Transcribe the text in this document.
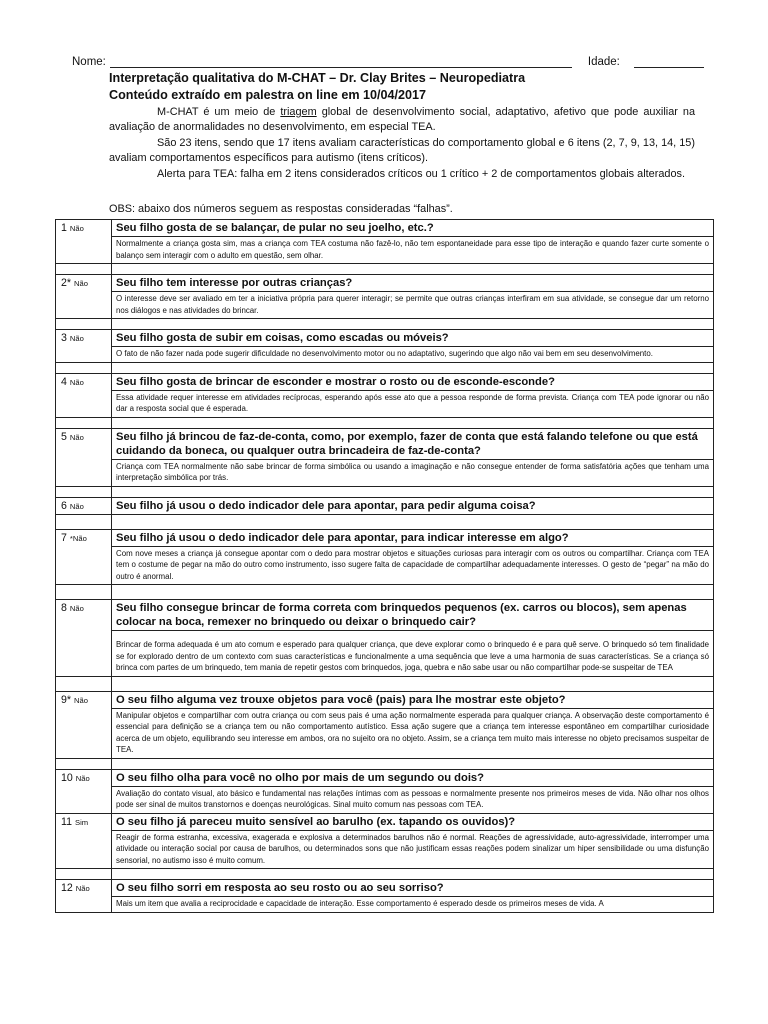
Nome:	Idade:
Interpretação qualitativa do M-CHAT – Dr. Clay Brites – Neuropediatra
Conteúdo extraído em palestra on line em 10/04/2017

M-CHAT é um meio de triagem global de desenvolvimento social, adaptativo, afetivo que pode auxiliar na avaliação de anormalidades no desenvolvimento, em especial TEA.

São 23 itens, sendo que 17 itens avaliam características do comportamento global e 6 itens (2, 7, 9, 13, 14, 15) avaliam comportamentos específicos para autismo (itens críticos).

Alerta para TEA: falha em 2 itens considerados críticos ou 1 crítico + 2 de comportamentos globais alterados.

OBS: abaixo dos números seguem as respostas consideradas “falhas”.
1 Não	Seu filho gosta de se balançar, de pular no seu joelho, etc.?
	Normalmente a criança gosta sim, mas a criança com TEA costuma não fazê-lo, não tem espontaneidade para esse tipo de interação e quando fazer curte somente o balanço sem interagir com o adulto em questão, sem olhar.

2* Não	Seu filho tem interesse por outras crianças?
	O interesse deve ser avaliado em ter a iniciativa própria para querer interagir; se permite que outras crianças interfiram em sua atividade, se consegue dar um retorno nos diálogos e nas atividades do brincar.

3 Não	Seu filho gosta de subir em coisas, como escadas ou móveis?
	O fato de não fazer nada pode sugerir dificuldade no desenvolvimento motor ou no adaptativo, sugerindo que algo não vai bem em seu desenvolvimento.

4 Não	Seu filho gosta de brincar de esconder e mostrar o rosto ou de esconde-esconde?
	Essa atividade requer interesse em atividades recíprocas, esperando após esse ato que a pessoa responde de forma prevista. Criança com TEA pode ignorar ou não dar a resposta social que é esperada.

5 Não	Seu filho já brincou de faz-de-conta, como, por exemplo, fazer de conta que está falando telefone ou que está cuidando da boneca, ou qualquer outra brincadeira de faz-de-conta?
	Criança com TEA normalmente não sabe brincar de forma simbólica ou usando a imaginação e não consegue entender de forma satisfatória ações que tenham uma interpretação simbólica por trás.

6 Não	Seu filho já usou o dedo indicador dele para apontar, para pedir alguma coisa?

7 *Não	Seu filho já usou o dedo indicador dele para apontar, para indicar interesse em algo?
	Com nove meses a criança já consegue apontar com o dedo para mostrar objetos e situações curiosas para interagir com os outros ou compartilhar. Criança com TEA tem o costume de pegar na mão do outro como instrumento, isso sugere falta de capacidade de compartilhar adequadamente interesses. O gesto de “pegar” na mão do outro é anormal.

8 Não	Seu filho consegue brincar de forma correta com brinquedos pequenos (ex. carros ou blocos), sem apenas colocar na boca, remexer no brinquedo ou deixar o brinquedo cair?
	Brincar de forma adequada é um ato comum e esperado para qualquer criança, que deve explorar como o brinquedo é e para quê serve. O brinquedo só tem finalidade se for explorado dentro de um contexto com suas características e funcionalmente a uma sequência que leve a uma harmonia de suas características. Se a criança só brinca com partes de um brinquedo, tem mania de repetir gestos com brinquedos, joga, quebra e não sabe usar ou não compartilhar pode-se suspeitar de TEA

9* Não	O seu filho alguma vez trouxe objetos para você (pais) para lhe mostrar este objeto?
	Manipular objetos e compartilhar com outra criança ou com seus pais é uma ação normalmente esperada para qualquer criança. A observação deste comportamento é essencial para definição se a criança tem ou não comportamento autístico. Essa ação sugere que a criança tem interesse espontâneo em compartilhar curiosidade acerca de um objeto, equilibrando seu interesse em ambos, ora no sujeito ora no objeto. Assim, se a criança tem muito mais interesse no objeto precisamos suspeitar de TEA.

10 Não	O seu filho olha para você no olho por mais de um segundo ou dois?
	Avaliação do contato visual, ato básico e fundamental nas relações íntimas com as pessoas e normalmente presente nos primeiros meses de vida. Não olhar nos olhos pode ser sinal de muitos transtornos e doenças neurológicas. Sinal muito comum nas pessoas com TEA.
11 Sim	O seu filho já pareceu muito sensível ao barulho (ex. tapando os ouvidos)?
	Reagir de forma estranha, excessiva, exagerada e explosiva a determinados barulhos não é normal. Reações de agressividade, auto-agressividade, interromper uma atividade ou interação social por causa de barulhos, ou determinados sons que não justificam essas reações podem sinalizar um hiper sensibilidade ou uma disfunção sensorial, no autismo isso é muito comum.

12 Não	O seu filho sorri em resposta ao seu rosto ou ao seu sorriso?
	Mais um item que avalia a reciprocidade e capacidade de interação. Esse comportamento é esperado desde os primeiros meses de vida. A
